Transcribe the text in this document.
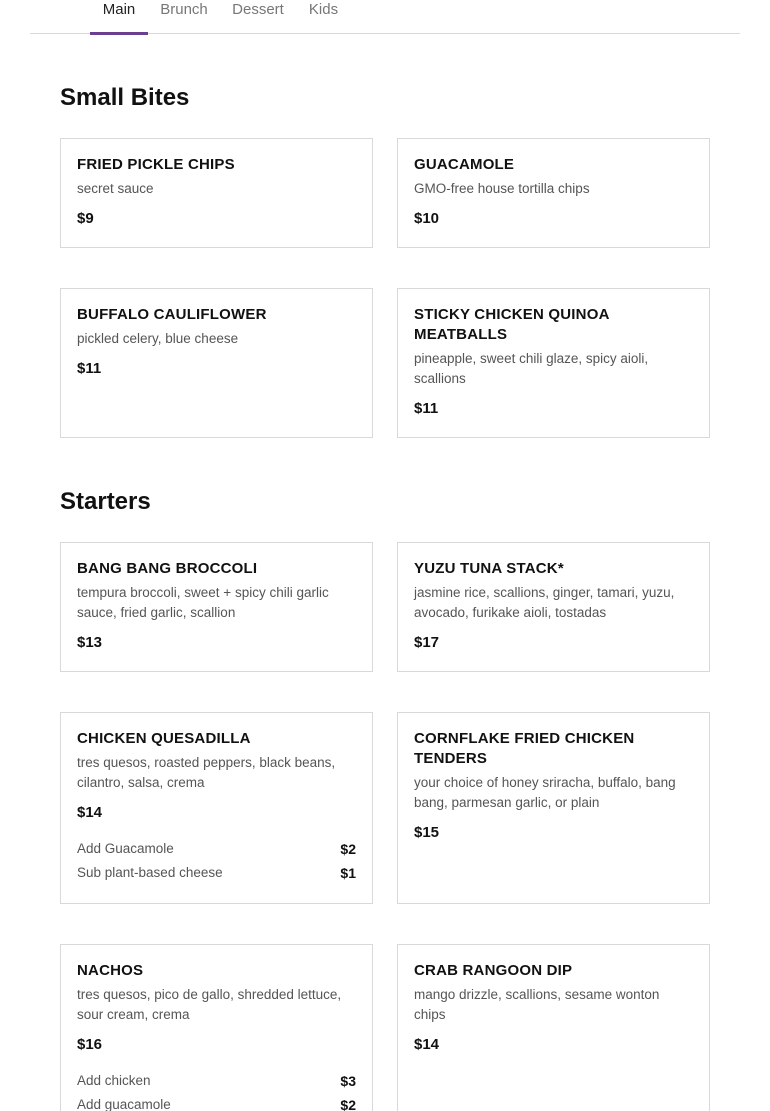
Main	Brunch Dessert Kids
Small Bites
FRIED PICKLE CHIPS
secret sauce
$9
GUACAMOLE
GMO-free house tortilla chips
$10
BUFFALO CAULIFLOWER
pickled celery, blue cheese
$11
STICKY CHICKEN QUINOA MEATBALLS
pineapple, sweet chili glaze, spicy aioli, scallions
$11
Starters
BANG BANG BROCCOLI
tempura broccoli, sweet + spicy chili garlic sauce, fried garlic, scallion
$13
YUZU TUNA STACK*
jasmine rice, scallions, ginger, tamari, yuzu, avocado, furikake aioli, tostadas
$17
CHICKEN QUESADILLA
tres quesos, roasted peppers, black beans, cilantro, salsa, crema
$14
Add Guacamole	$2
Sub plant-based cheese	$1
CORNFLAKE FRIED CHICKEN TENDERS
your choice of honey sriracha, buffalo, bang bang, parmesan garlic, or plain
$15
NACHOS
tres quesos, pico de gallo, shredded lettuce, sour cream, crema
$16
Add chicken	$3
Add guacamole	$2
CRAB RANGOON DIP
mango drizzle, scallions, sesame wonton chips
$14
